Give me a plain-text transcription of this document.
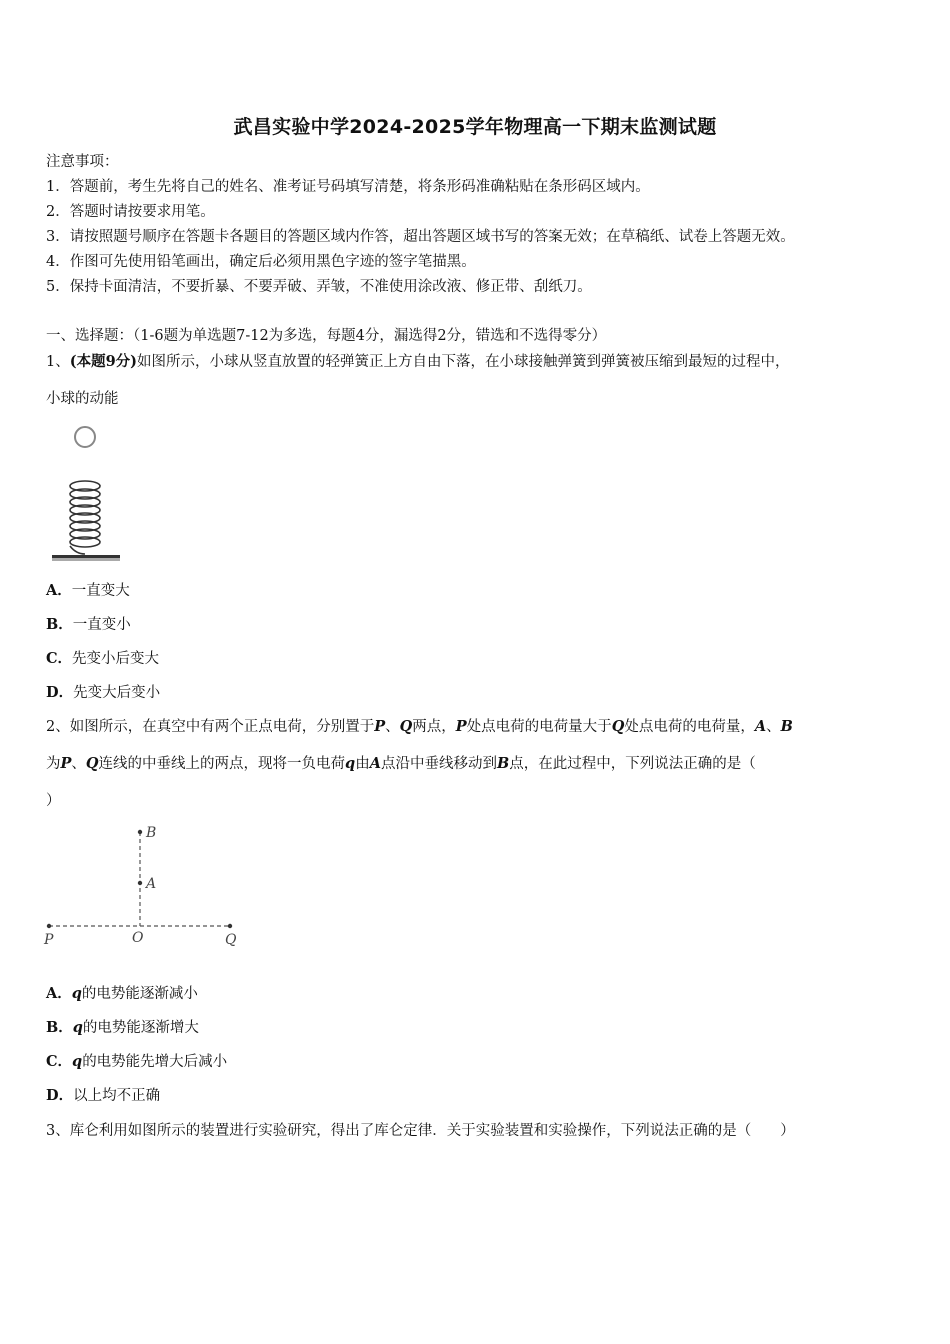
武昌实验中学2024-2025学年物理高一下期末监测试题
注意事项：
1．答题前，考生先将自己的姓名、准考证号码填写清楚，将条形码准确粘贴在条形码区域内。
2．答题时请按要求用笔。
3．请按照题号顺序在答题卡各题目的答题区域内作答，超出答题区域书写的答案无效；在草稿纸、试卷上答题无效。
4．作图可先使用铅笔画出，确定后必须用黑色字迹的签字笔描黑。
5．保持卡面清洁，不要折暴、不要弄破、弄皱，不准使用涂改液、修正带、刮纸刀。
一、选择题：（1-6题为单选题7-12为多选，每题4分，漏选得2分，错选和不选得零分）
1、(本题9分)如图所示，小球从竖直放置的轻弹簧正上方自由下落，在小球接触弹簧到弹簧被压缩到最短的过程中，
小球的动能
A．一直变大
B．一直变小
C．先变小后变大
D．先变大后变小
2、如图所示，在真空中有两个正点电荷，分别置于P、Q两点，P处点电荷的电荷量大于Q处点电荷的电荷量，A、B
为P、Q连线的中垂线上的两点，现将一负电荷q由A点沿中垂线移动到B点，在此过程中，下列说法正确的是（
）
B
A
P	O	Q
A．q的电势能逐渐减小
B．q的电势能逐渐增大
C．q的电势能先增大后减小
D．以上均不正确
3、库仑利用如图所示的装置进行实验研究，得出了库仑定律．关于实验装置和实验操作，下列说法正确的是（　　）
